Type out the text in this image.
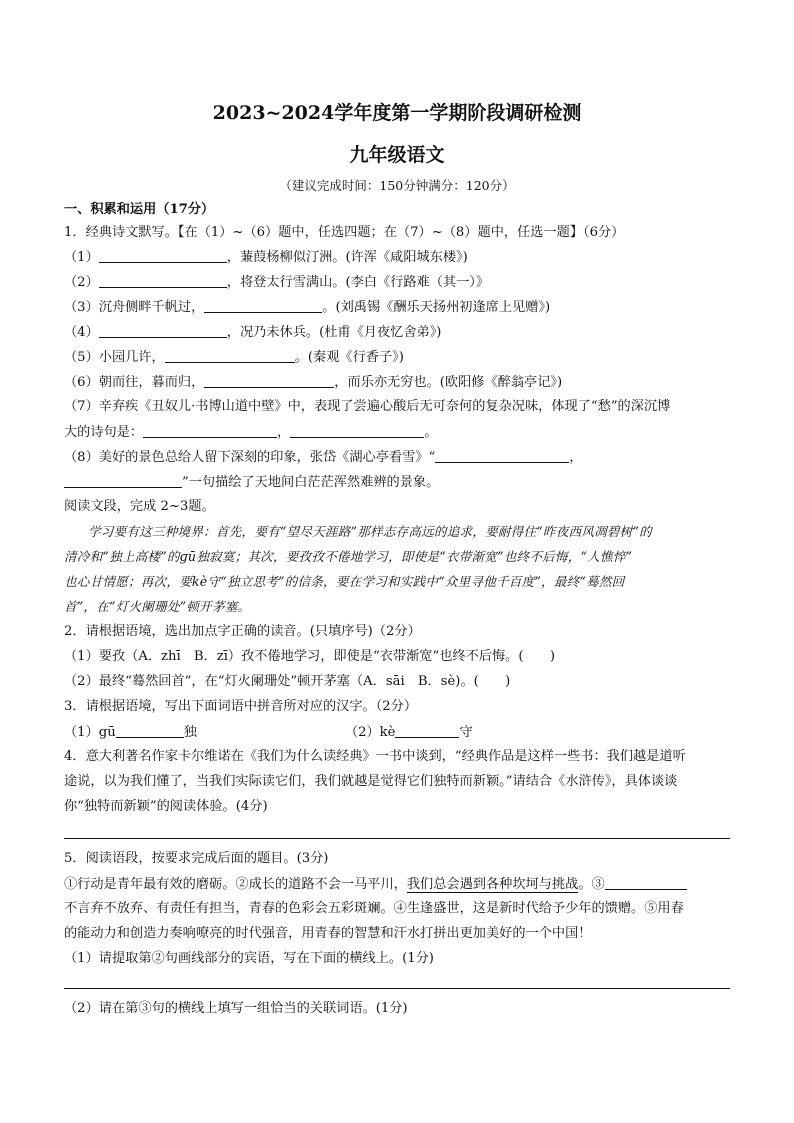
2023~2024学年度第一学期阶段调研检测
九年级语文
（建议完成时间：150分钟满分：120分）
一、积累和运用（17分）
1．经典诗文默写。【在（1）~（6）题中，任选四题；在（7）~（8）题中，任选一题】（6分）
（1）	，蒹葭杨柳似汀洲。(许浑《咸阳城东楼》)
（2）	，将登太行雪满山。(李白《行路难（其一）》
（3）沉舟侧畔千帆过，	。(刘禹锡《酬乐天扬州初逢席上见赠》)
（4）	，况乃未休兵。(杜甫《月夜忆舍弟》)
（5）小园几许，	。(秦观《行香子》)
（6）朝而往，暮而归，	，而乐亦无穷也。(欧阳修《醉翁亭记》)
（7）辛弃疾《丑奴儿·书博山道中壁》中，表现了尝遍心酸后无可奈何的复杂况味，体现了“愁”的深沉博
大的诗句是：	，	。
（8）美好的景色总给人留下深刻的印象，张岱《湖心亭看雪》“	，
”一句描绘了天地间白茫茫浑然难辨的景象。
阅读文段，完成 2~3题。
学习要有这三种境界：首先，要有“望尽天涯路”那样志存高远的追求，要耐得住“昨夜西风凋碧树”的
清冷和“独上高楼”的ɡū独寂寞；其次，要孜孜不倦地学习，即使是“衣带渐宽”也终不后悔，“人憔悴”
也心甘情愿；再次，要kè守“独立思考”的信条，要在学习和实践中“众里寻他千百度”，最终“蓦然回
首”，在“灯火阑珊处”顿开茅塞。
2．请根据语境，选出加点字正确的读音。(只填序号)（2分）
（1）要孜（A．zhī　B．zī）孜不倦地学习，即使是“衣带渐宽”也终不后悔。(　　)
（2）最终“蓦然回首”，在“灯火阑珊处”顿开茅塞（A．sāi　B．sè)。(　　)
3．请根据语境，写出下面词语中拼音所对应的汉字。（2分）
（1）gū	独	（2）kè	守
4．意大利著名作家卡尔维诺在《我们为什么读经典》一书中谈到，“经典作品是这样一些书：我们越是道听
途说，以为我们懂了，当我们实际读它们，我们就越是觉得它们独特而新颖。”请结合《水浒传》，具体谈谈
你“独特而新颖”的阅读体验。(4分)
5．阅读语段，按要求完成后面的题目。(3分)
①行动是青年最有效的磨砺。②成长的道路不会一马平川，我们总会遇到各种坎坷与挑战。③
不言弃不放弃、有责任有担当，青春的色彩会五彩斑斓。④生逢盛世，这是新时代给予少年的馈赠。⑤用春
的能动力和创造力奏响嘹亮的时代强音，用青春的智慧和汗水打拼出更加美好的一个中国！
（1）请提取第②句画线部分的宾语，写在下面的横线上。(1分)
（2）请在第③句的横线上填写一组恰当的关联词语。(1分)
